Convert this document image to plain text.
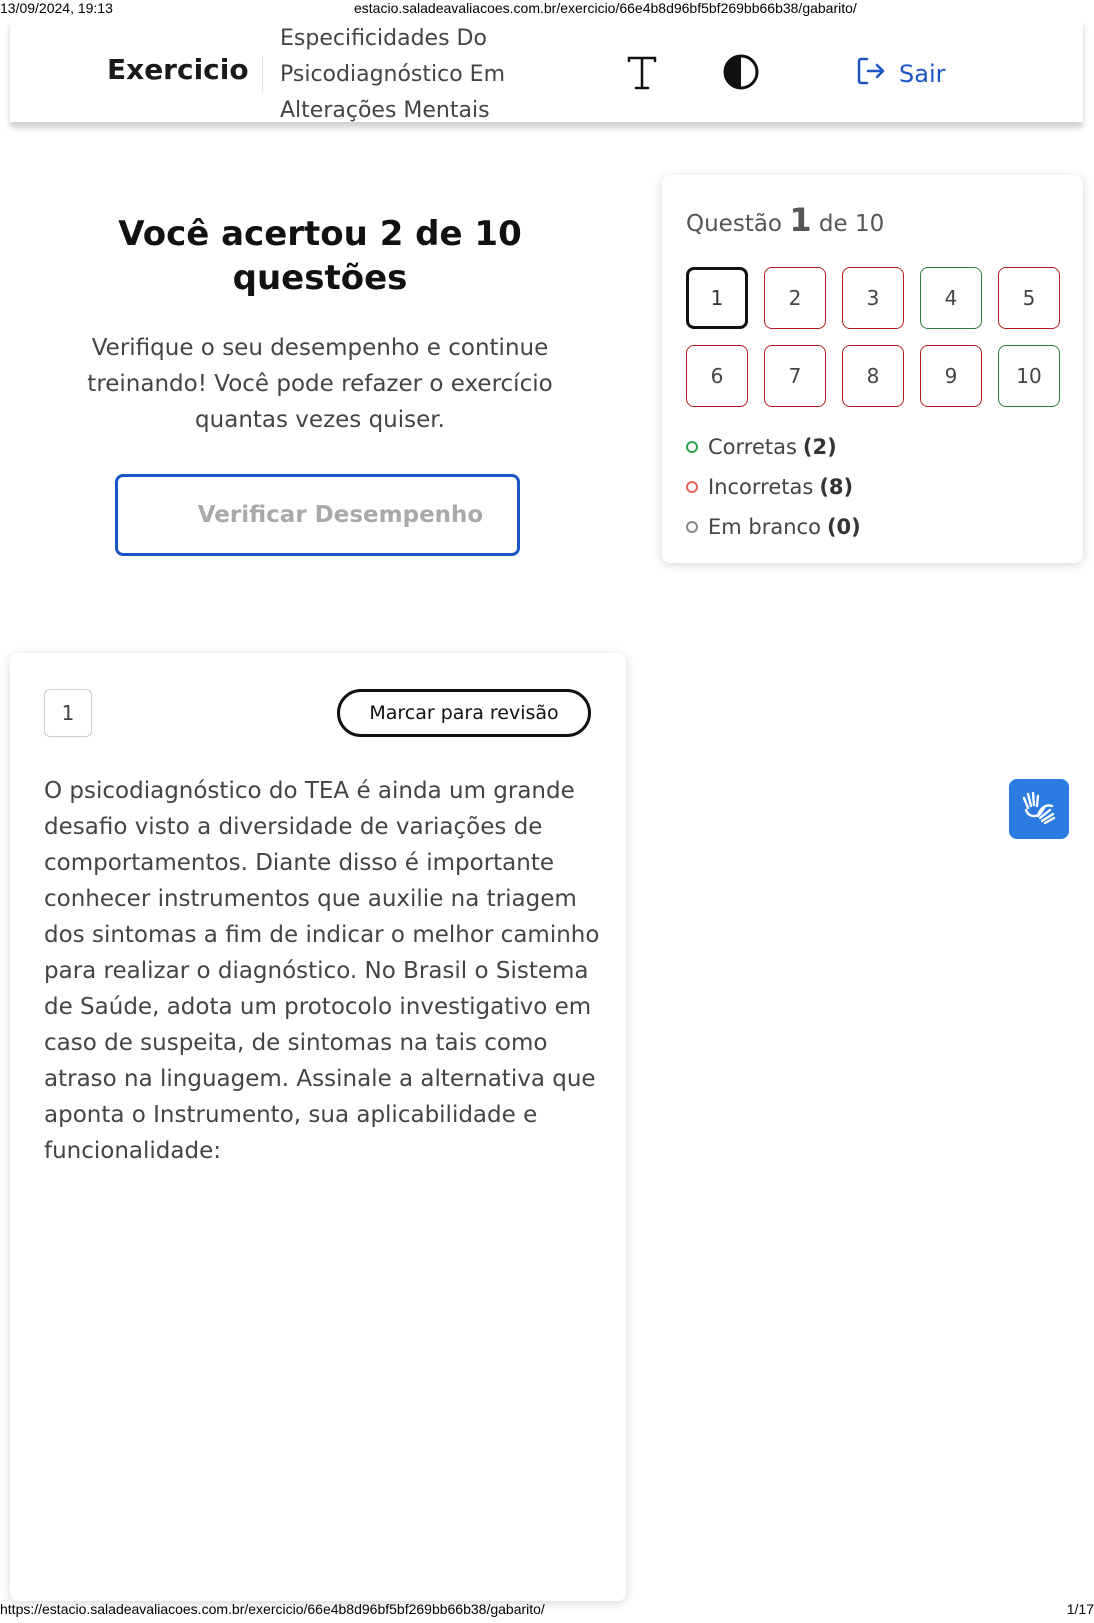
13/09/2024, 19:13	estacio.saladeavaliacoes.com.br/exercicio/66e4b8d96bf5bf269bb66b38/gabarito/
https://estacio.saladeavaliacoes.com.br/exercicio/66e4b8d96bf5bf269bb66b38/gabarito/	1/17
Exercicio
Especificidades Do Psicodiagnóstico Em Alterações Mentais
Sair
Você acertou 2 de 10 questões
Verifique o seu desempenho e continue treinando! Você pode refazer o exercício quantas vezes quiser.
Verificar Desempenho
Questão 1 de 10
1	2	3	4	5
6	7	8	9	10
Corretas (2)
Incorretas (8)
Em branco (0)
1	Marcar para revisão
O psicodiagnóstico do TEA é ainda um grande desafio visto a diversidade de variações de comportamentos. Diante disso é importante conhecer instrumentos que auxilie na triagem dos sintomas a fim de indicar o melhor caminho para realizar o diagnóstico. No Brasil o Sistema de Saúde, adota um protocolo investigativo em caso de suspeita, de sintomas na tais como atraso na linguagem. Assinale a alternativa que aponta o Instrumento, sua aplicabilidade e funcionalidade:
